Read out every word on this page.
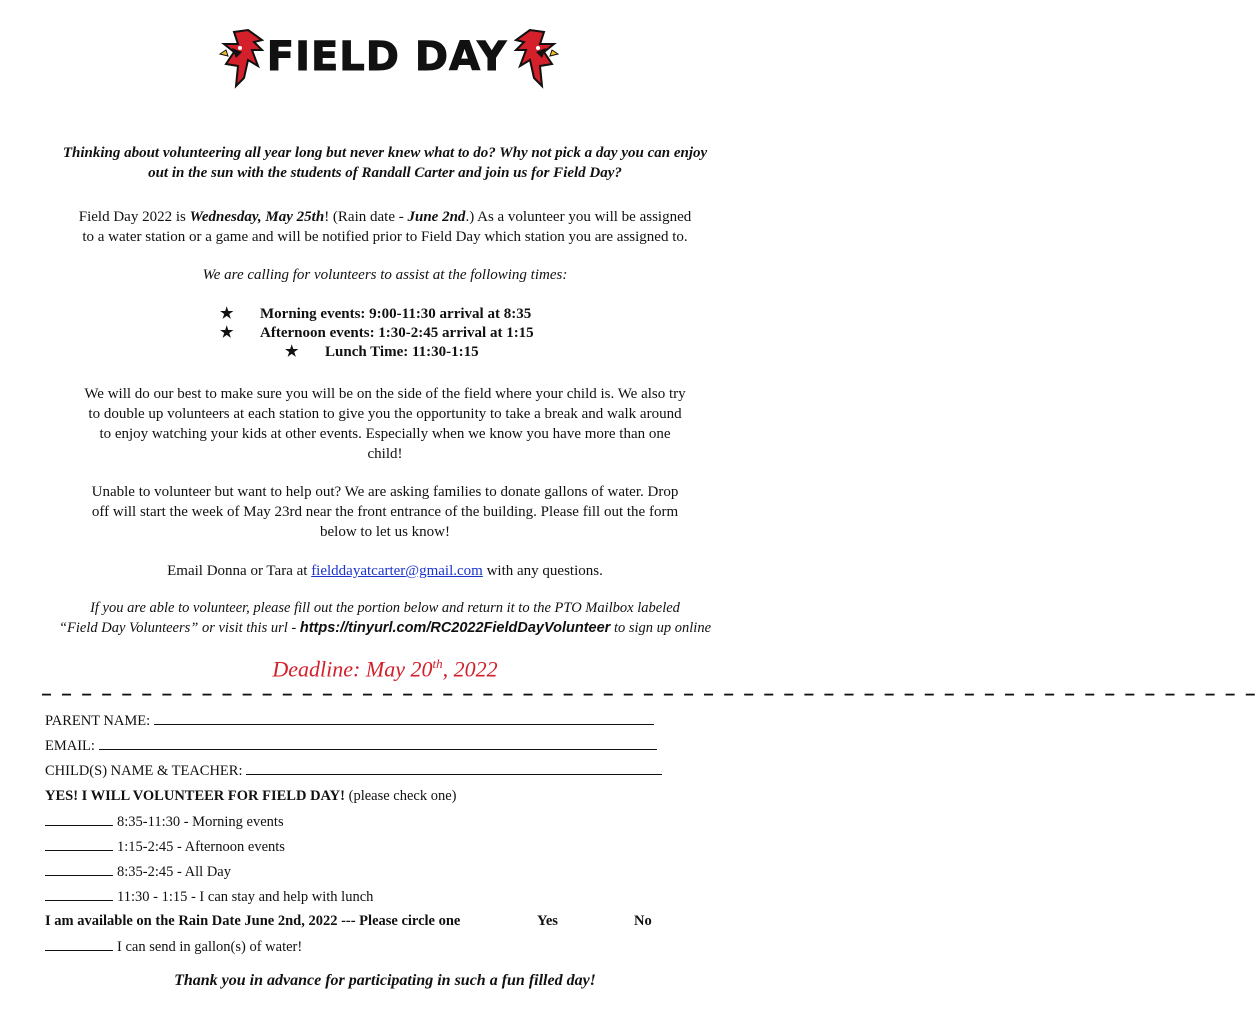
FIELD DAY
Thinking about volunteering all year long but never knew what to do? Why not pick a day you can enjoy
out in the sun with the students of Randall Carter and join us for Field Day?
Field Day 2022 is Wednesday, May 25th! (Rain date - June 2nd.) As a volunteer you will be assigned
to a water station or a game and will be notified prior to Field Day which station you are assigned to.
We are calling for volunteers to assist at the following times:
★ Morning events: 9:00-11:30 arrival at 8:35
★ Afternoon events: 1:30-2:45 arrival at 1:15
★ Lunch Time: 11:30-1:15
We will do our best to make sure you will be on the side of the field where your child is. We also try
to double up volunteers at each station to give you the opportunity to take a break and walk around
to enjoy watching your kids at other events. Especially when we know you have more than one
child!
Unable to volunteer but want to help out? We are asking families to donate gallons of water. Drop
off will start the week of May 23rd near the front entrance of the building. Please fill out the form
below to let us know!
Email Donna or Tara at fielddayatcarter@gmail.com with any questions.
If you are able to volunteer, please fill out the portion below and return it to the PTO Mailbox labeled
“Field Day Volunteers” or visit this url - https://tinyurl.com/RC2022FieldDayVolunteer to sign up online
Deadline: May 20th, 2022
– – – – – – – – – – – – – – – – – – – – – – – – – – – – – – – – – – – – – – – – – – – – – – – – – – – – – – – – – – – – –
PARENT NAME:
EMAIL:
CHILD(S) NAME & TEACHER:
YES! I WILL VOLUNTEER FOR FIELD DAY! (please check one)
8:35-11:30 - Morning events
1:15-2:45 - Afternoon events
8:35-2:45 - All Day
11:30 - 1:15 - I can stay and help with lunch
I am available on the Rain Date June 2nd, 2022 --- Please circle one	Yes	No
I can send in gallon(s) of water!
Thank you in advance for participating in such a fun filled day!
